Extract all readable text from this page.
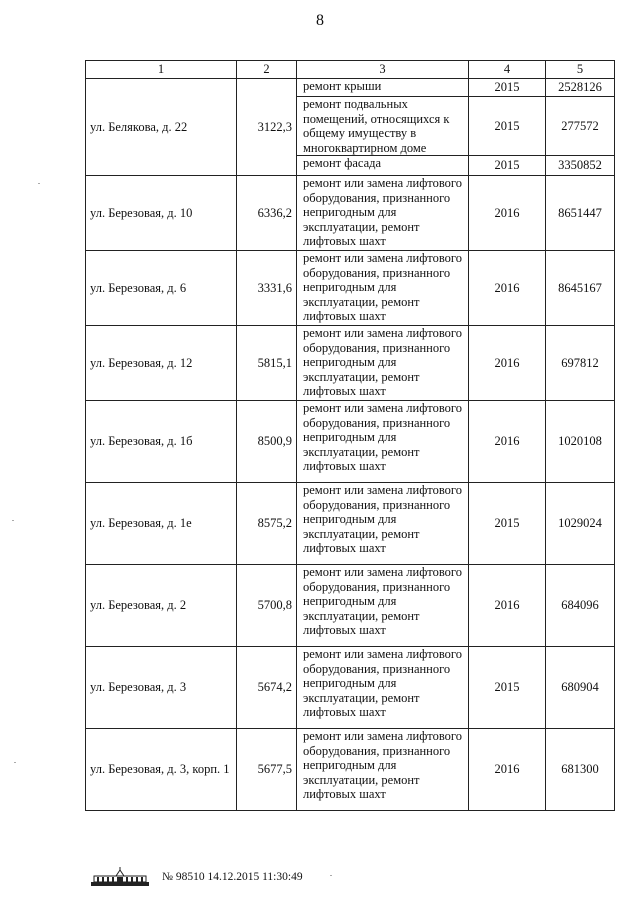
8
1	2	3	4	5
ул. Белякова, д. 22	3122,3	ремонт крыши	2015	2528126
		ремонт подвальных помещений, относящихся к общему имуществу в многоквартирном доме	2015	277572
		ремонт фасада	2015	3350852
ул. Березовая, д. 10	6336,2	ремонт или замена лифтового оборудования, признанного непригодным для эксплуатации, ремонт лифтовых шахт	2016	8651447
ул. Березовая, д. 6	3331,6	ремонт или замена лифтового оборудования, признанного непригодным для эксплуатации, ремонт лифтовых шахт	2016	8645167
ул. Березовая, д. 12	5815,1	ремонт или замена лифтового оборудования, признанного непригодным для эксплуатации, ремонт лифтовых шахт	2016	697812
ул. Березовая, д. 1б	8500,9	ремонт или замена лифтового оборудования, признанного непригодным для эксплуатации, ремонт лифтовых шахт	2016	1020108
ул. Березовая, д. 1е	8575,2	ремонт или замена лифтового оборудования, признанного непригодным для эксплуатации, ремонт лифтовых шахт	2015	1029024
ул. Березовая, д. 2	5700,8	ремонт или замена лифтового оборудования, признанного непригодным для эксплуатации, ремонт лифтовых шахт	2016	684096
ул. Березовая, д. 3	5674,2	ремонт или замена лифтового оборудования, признанного непригодным для эксплуатации, ремонт лифтовых шахт	2015	680904
ул. Березовая, д. 3, корп. 1	5677,5	ремонт или замена лифтового оборудования, признанного непригодным для эксплуатации, ремонт лифтовых шахт	2016	681300
№ 98510 14.12.2015 11:30:49
